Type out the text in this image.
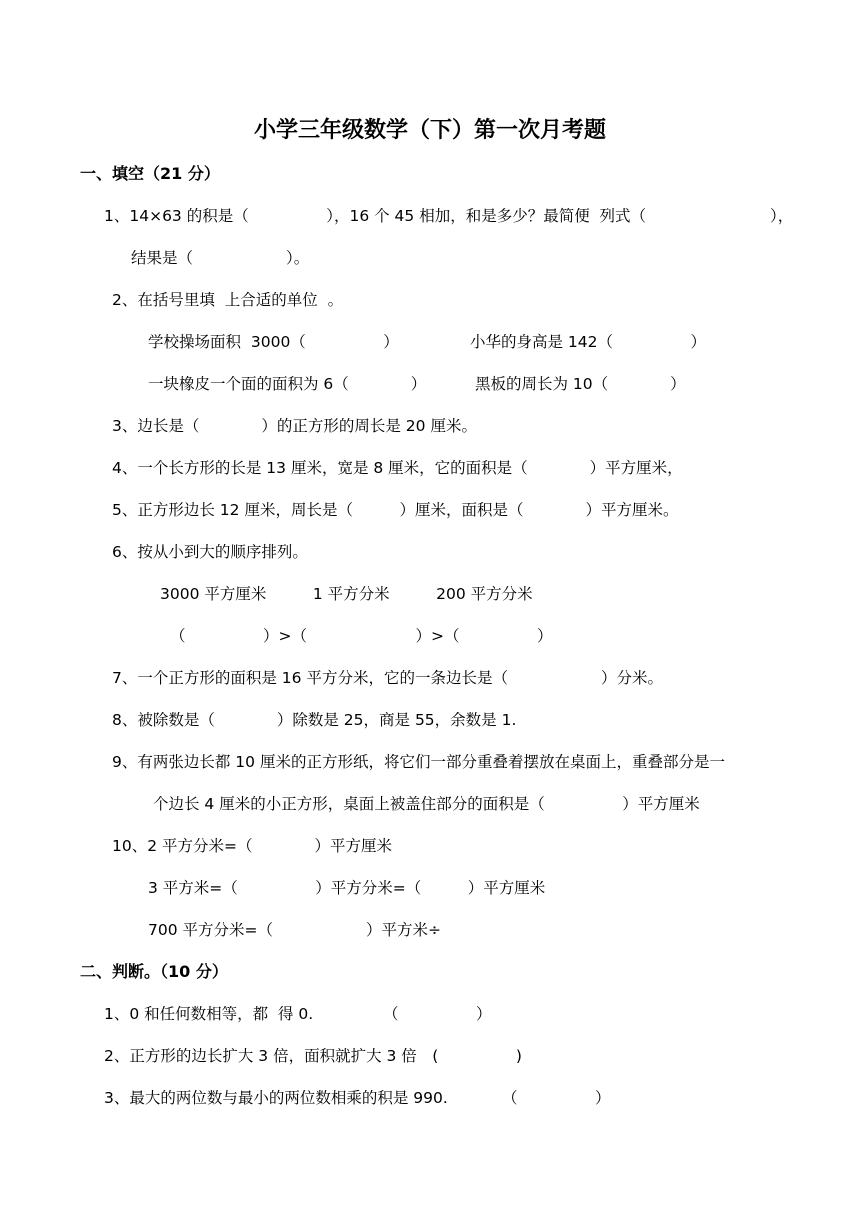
小学三年级数学（下）第一次月考题
一、填空（21 分）
1、14×63 的积是（　　　　　），16 个 45 相加，和是多少？最简便  列式（　　　　　　　　），
结果是（　　　　　　）。
2、在括号里填  上合适的单位  。
学校操场面积  3000（　　　　　）	小华的身高是 142（　　　　　）
一块橡皮一个面的面积为 6（　　　　）	黑板的周长为 10（　　　　）
3、边长是（　　　　）的正方形的周长是 20 厘米。
4、一个长方形的长是 13 厘米，宽是 8 厘米，它的面积是（　　　　）平方厘米，
5、正方形边长 12 厘米，周长是（　　　）厘米，面积是（　　　　）平方厘米。
6、按从小到大的顺序排列。
3000 平方厘米　　　1 平方分米　　　200 平方分米
（　　　　　）>（　　　　　　　）>（　　　　　）
7、一个正方形的面积是 16 平方分米，它的一条边长是（　　　　　　）分米。
8、被除数是（　　　　）除数是 25，商是 55，余数是 1.
9、有两张边长都 10 厘米的正方形纸，将它们一部分重叠着摆放在桌面上，重叠部分是一
个边长 4 厘米的小正方形，桌面上被盖住部分的面积是（　　　　　）平方厘米
10、2 平方分米=（　　　　）平方厘米
3 平方米=（　　　　　）平方分米=（　　　）平方厘米
700 平方分米=（　　　　　　）平方米÷
二、判断。（10 分）
1、0 和任何数相等，都  得 0.　　　　　（　　　　　）
2、正方形的边长扩大 3 倍，面积就扩大 3 倍　(　　　　　)
3、最大的两位数与最小的两位数相乘的积是 990.　　　　（　　　　　）
